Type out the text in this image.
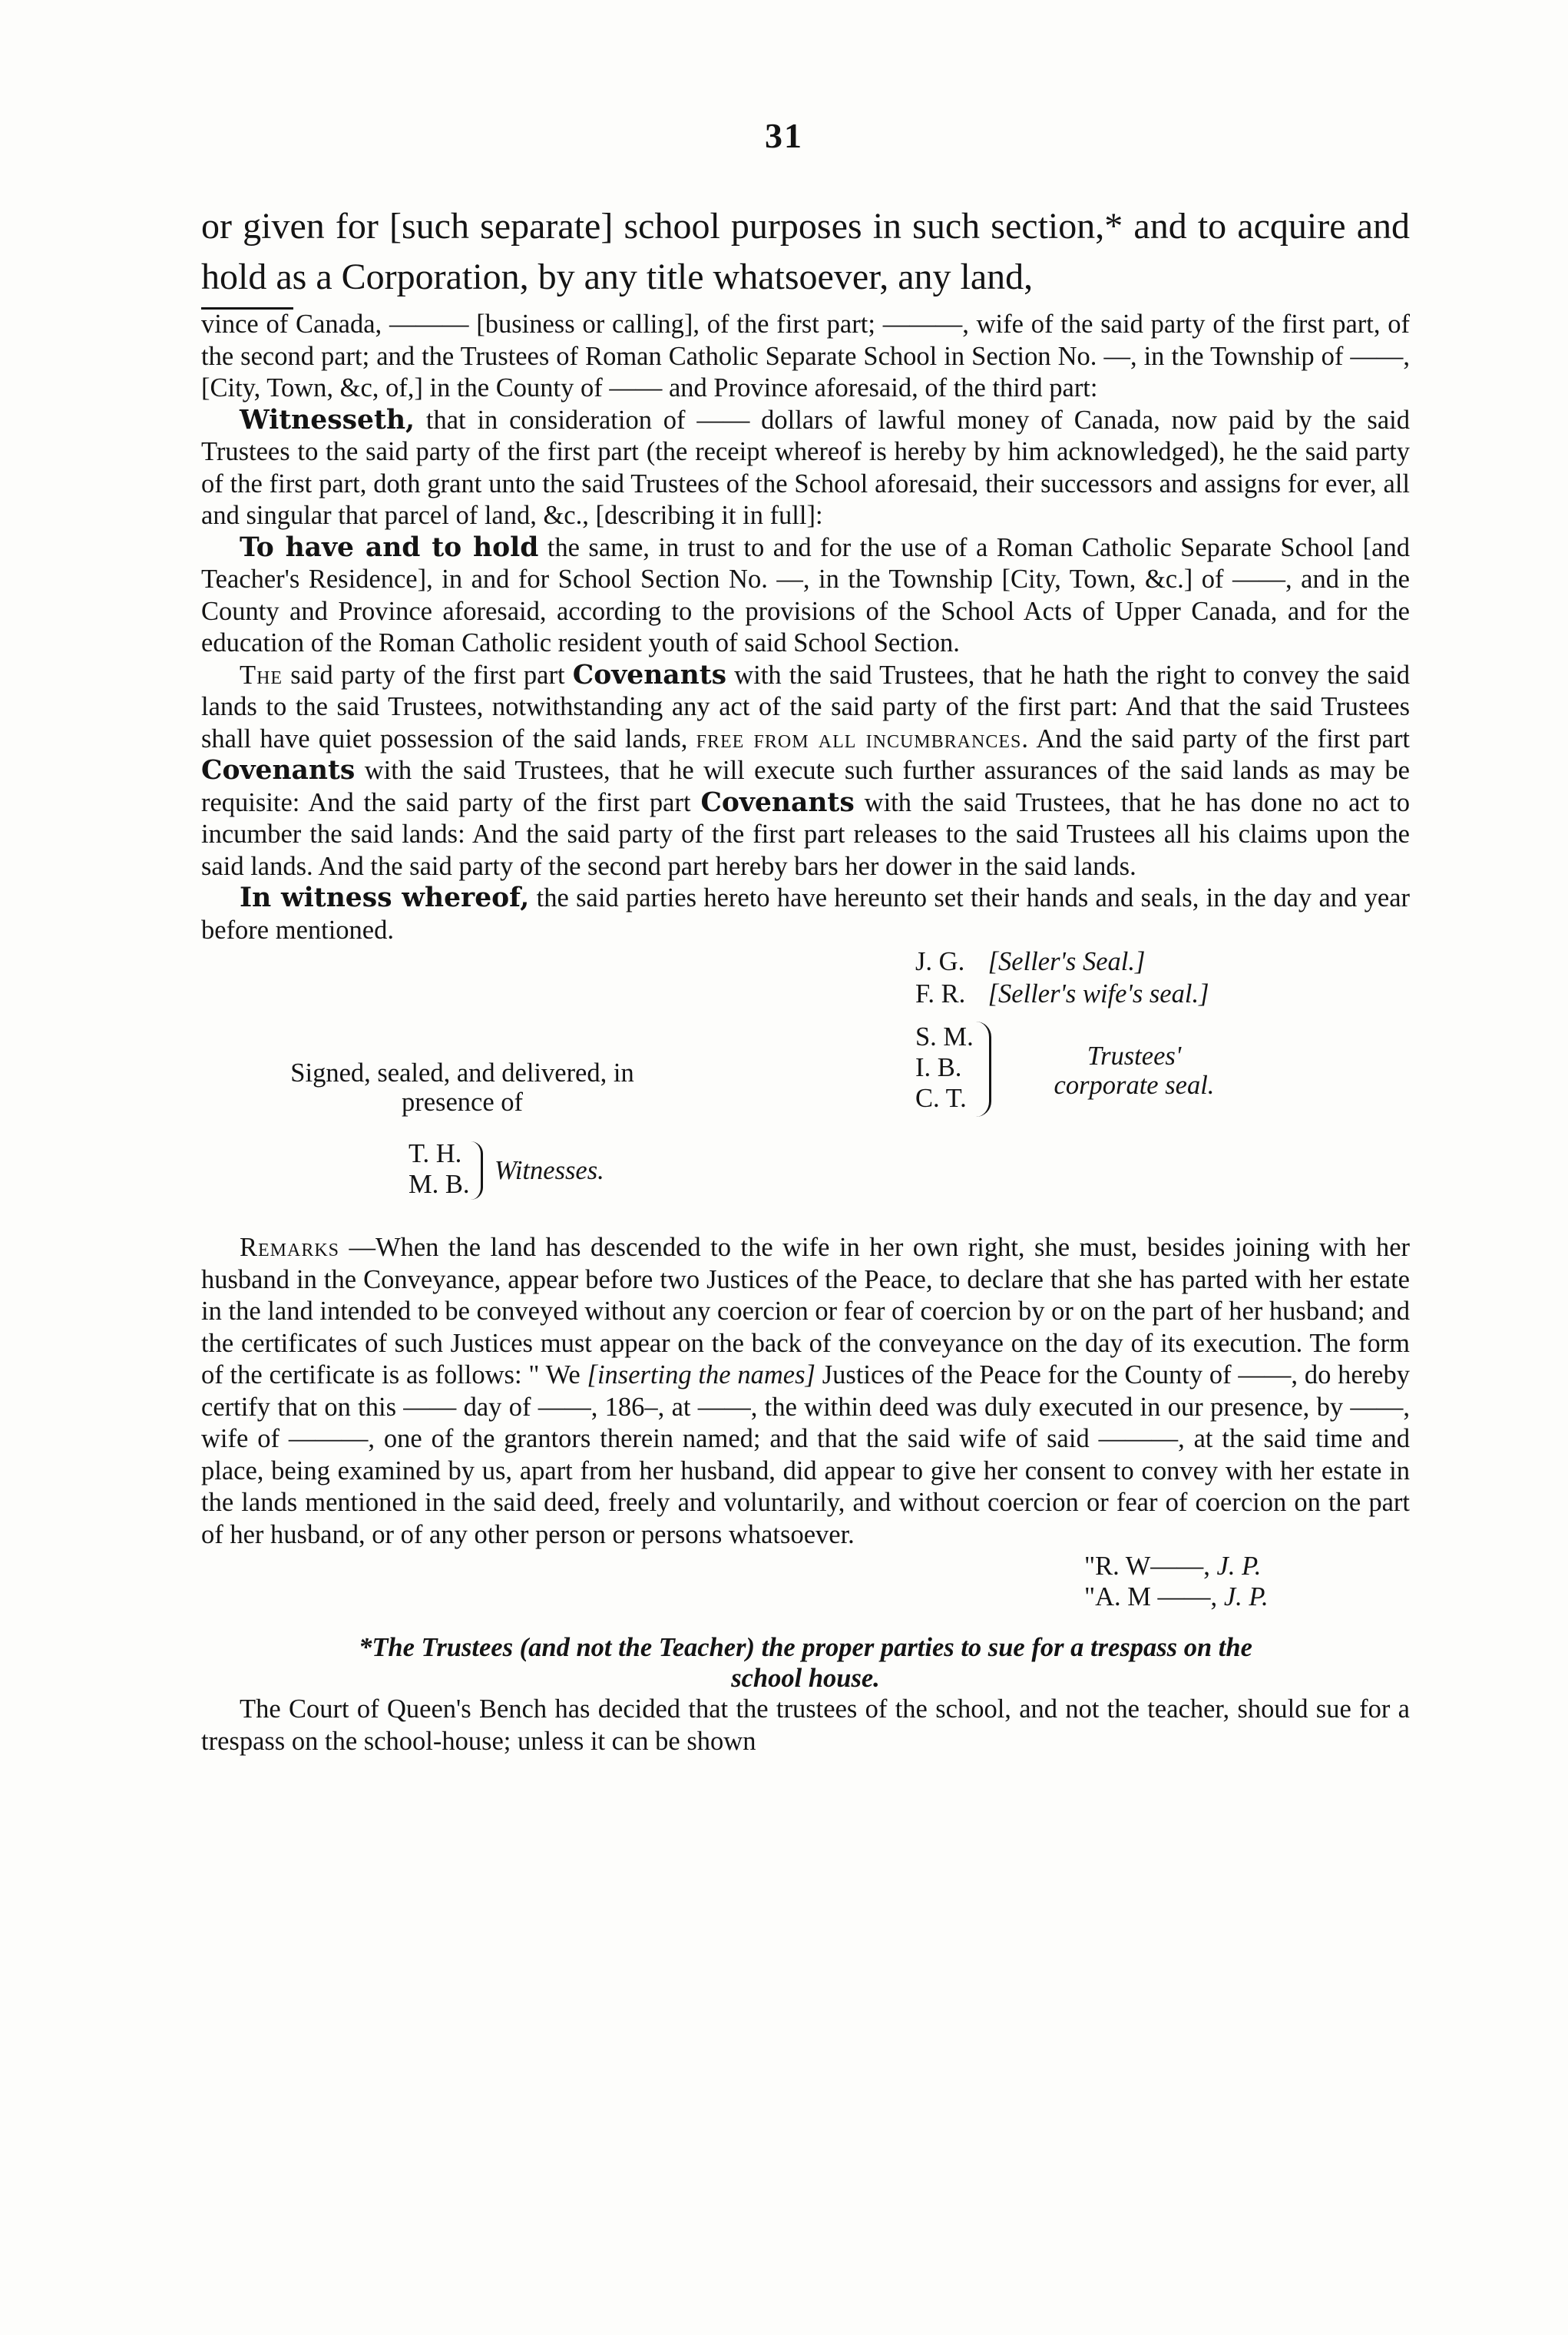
31

or given for [such separate] school purposes in such section,* and to acquire and hold as a Corporation, by any title whatsoever, any land,

vince of Canada, ——— [business or calling], of the first part; ———, wife of the said party of the first part, of the second part; and the Trustees of Roman Catholic Separate School in Section No. —, in the Township of ——, [City, Town, &c, of,] in the County of —— and Province aforesaid, of the third part:

Witnesseth, that in consideration of —— dollars of lawful money of Canada, now paid by the said Trustees to the said party of the first part (the receipt whereof is hereby by him acknowledged), he the said party of the first part, doth grant unto the said Trustees of the School aforesaid, their successors and assigns for ever, all and singular that parcel of land, &c., [describing it in full]:

To have and to hold the same, in trust to and for the use of a Roman Catholic Separate School [and Teacher's Residence], in and for School Section No. —, in the Township [City, Town, &c.] of ——, and in the County and Province aforesaid, according to the provisions of the School Acts of Upper Canada, and for the education of the Roman Catholic resident youth of said School Section.

The said party of the first part Covenants with the said Trustees, that he hath the right to convey the said lands to the said Trustees, notwithstanding any act of the said party of the first part: And that the said Trustees shall have quiet possession of the said lands, free from all incumbrances. And the said party of the first part Covenants with the said Trustees, that he will execute such further assurances of the said lands as may be requisite: And the said party of the first part Covenants with the said Trustees, that he has done no act to incumber the said lands: And the said party of the first part releases to the said Trustees all his claims upon the said lands. And the said party of the second part hereby bars her dower in the said lands.

In witness whereof, the said parties hereto have hereunto set their hands and seals, in the day and year before mentioned.

J. G. [Seller's Seal.]
F. R. [Seller's wife's seal.]
Signed, sealed, and delivered, in
presence of
S. M.
I. B.
C. T.
Trustees'
corporate seal.
T. H.
M. B. Witnesses.

Remarks —When the land has descended to the wife in her own right, she must, besides joining with her husband in the Conveyance, appear before two Justices of the Peace, to declare that she has parted with her estate in the land intended to be conveyed without any coercion or fear of coercion by or on the part of her husband; and the certificates of such Justices must appear on the back of the conveyance on the day of its execution. The form of the certificate is as follows: " We [inserting the names] Justices of the Peace for the County of ——, do hereby certify that on this —— day of ——, 186–, at ——, the within deed was duly executed in our presence, by ——, wife of ———, one of the grantors therein named; and that the said wife of said ———, at the said time and place, being examined by us, apart from her husband, did appear to give her consent to convey with her estate in the lands mentioned in the said deed, freely and voluntarily, and without coercion or fear of coercion on the part of her husband, or of any other person or persons whatsoever.

"R. W——, J. P.
"A. M ——, J. P.
*The Trustees (and not the Teacher) the proper parties to sue for a trespass on the
school house.

The Court of Queen's Bench has decided that the trustees of the school, and not the teacher, should sue for a trespass on the school-house; unless it can be shown
